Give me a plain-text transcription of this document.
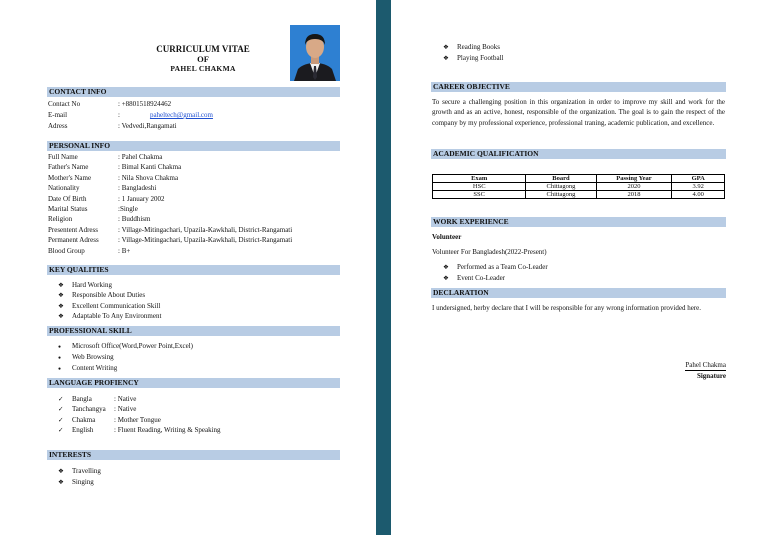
CURRICULUM VITAE
OF
PAHEL CHAKMA
CONTACT INFO
Contact No	: +8801518924462
E-mail	:	paheltech@gmail.com
Adress	: Vedvedi,Rangamati
PERSONAL INFO
Full Name	: Pahel Chakma
Father's Name	: Bimal Kanti Chakma
Mother's Name	: Nila Shova Chakma
Nationality	: Bangladeshi
Date Of Birth	: 1 January 2002
Marital Status	:Single
Religion	: Buddhism
Presentent Adress	: Village-Mitingachari, Upazila-Kawkhali, District-Rangamati
Permanent Adress	: Village-Mitingachari, Upazila-Kawkhali, District-Rangamati
Blood Group	: B+
KEY QUALITIES
❖ Hard Working
❖ Responsible About Duties
❖ Excellent Communication Skill
❖ Adaptable To Any Environment
PROFESSIONAL SKILL
● Microsoft Office(Word,Power Point,Excel)
● Web Browsing
● Content Writing
LANGUAGE PROFIENCY
✓ Bangla	: Native
✓ Tanchangya : Native
✓ Chakma	: Mother Tongue
✓ English	: Fluent Reading, Writing & Speaking
INTERESTS
❖ Travelling
❖ Singing
❖ Reading Books
❖ Playing Football
CAREER OBJECTIVE
To secure a challenging position in this organization in order to improve my skill and work for the growth and as an active, honest, responsible of the organization. The goal is to gain the respect of the company by my professional experience, professional traning, academic publication, and excellence.
ACADEMIC QUALIFICATION
Exam	Board	Passing Year	GPA
HSC	Chittagong	2020	3.92
SSC	Chittagong	2018	4.00
WORK EXPERIENCE
Volunteer
Volunteer For Bangladesh(2022-Present)
❖ Performed as a Team Co-Leader
❖ Event Co-Leader
DECLARATION
I undersigned, herby declare that I will be responsible for any wrong information provided here.
Pahel Chakma
Signature
